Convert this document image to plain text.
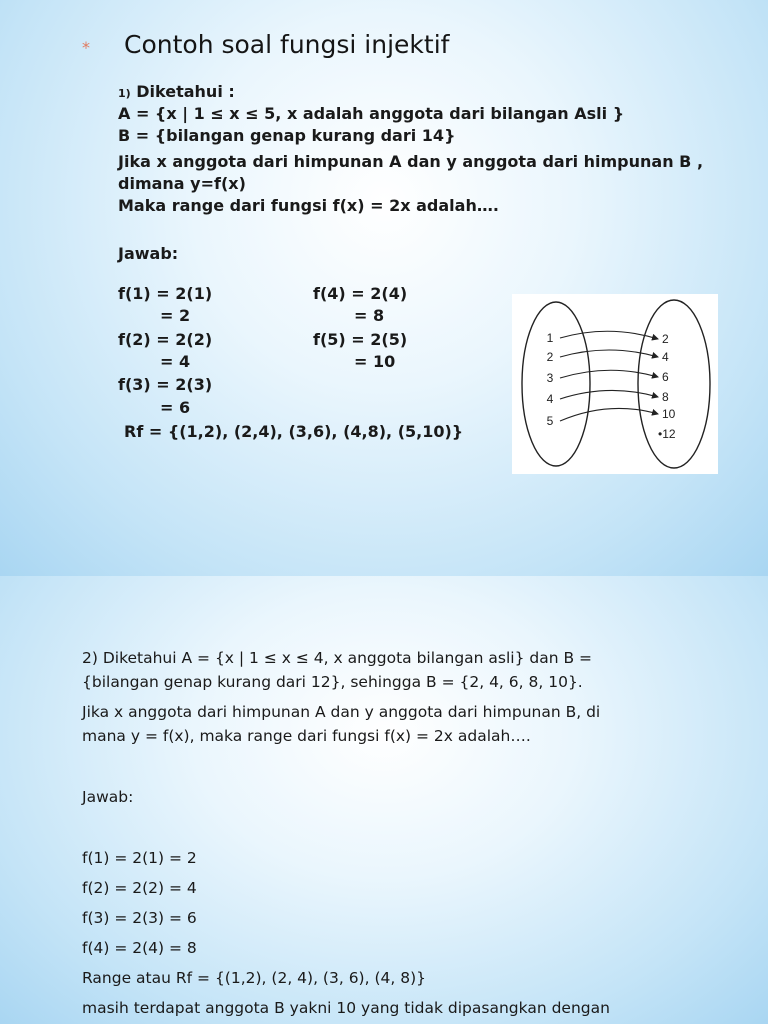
* Contoh soal fungsi injektif
1) Diketahui :
A = {x | 1 ≤ x ≤ 5, x adalah anggota dari bilangan Asli }
B = {bilangan genap kurang dari 14}
Jika x anggota dari himpunan A dan y anggota dari himpunan B ,
dimana y=f(x)
Maka range dari fungsi f(x) = 2x adalah….
Jawab:
f(1) = 2(1)
= 2
f(2) = 2(2)
= 4
f(3) = 2(3)
= 6
f(4) = 2(4)
= 8
f(5) = 2(5)
= 10
Rf = {(1,2), (2,4), (3,6), (4,8), (5,10)}
1
2
3
4
5
2
4
6
8
10
•12
2) Diketahui A = {x | 1 ≤ x ≤ 4, x anggota bilangan asli} dan B =
{bilangan genap kurang dari 12}, sehingga B = {2, 4, 6, 8, 10}.
Jika x anggota dari himpunan A dan y anggota dari himpunan B, di
mana y = f(x), maka range dari fungsi f(x) = 2x adalah….
Jawab:
f(1) = 2(1) = 2
f(2) = 2(2) = 4
f(3) = 2(3) = 6
f(4) = 2(4) = 8
Range atau Rf = {(1,2), (2, 4), (3, 6), (4, 8)}
masih terdapat anggota B yakni 10 yang tidak dipasangkan dengan
